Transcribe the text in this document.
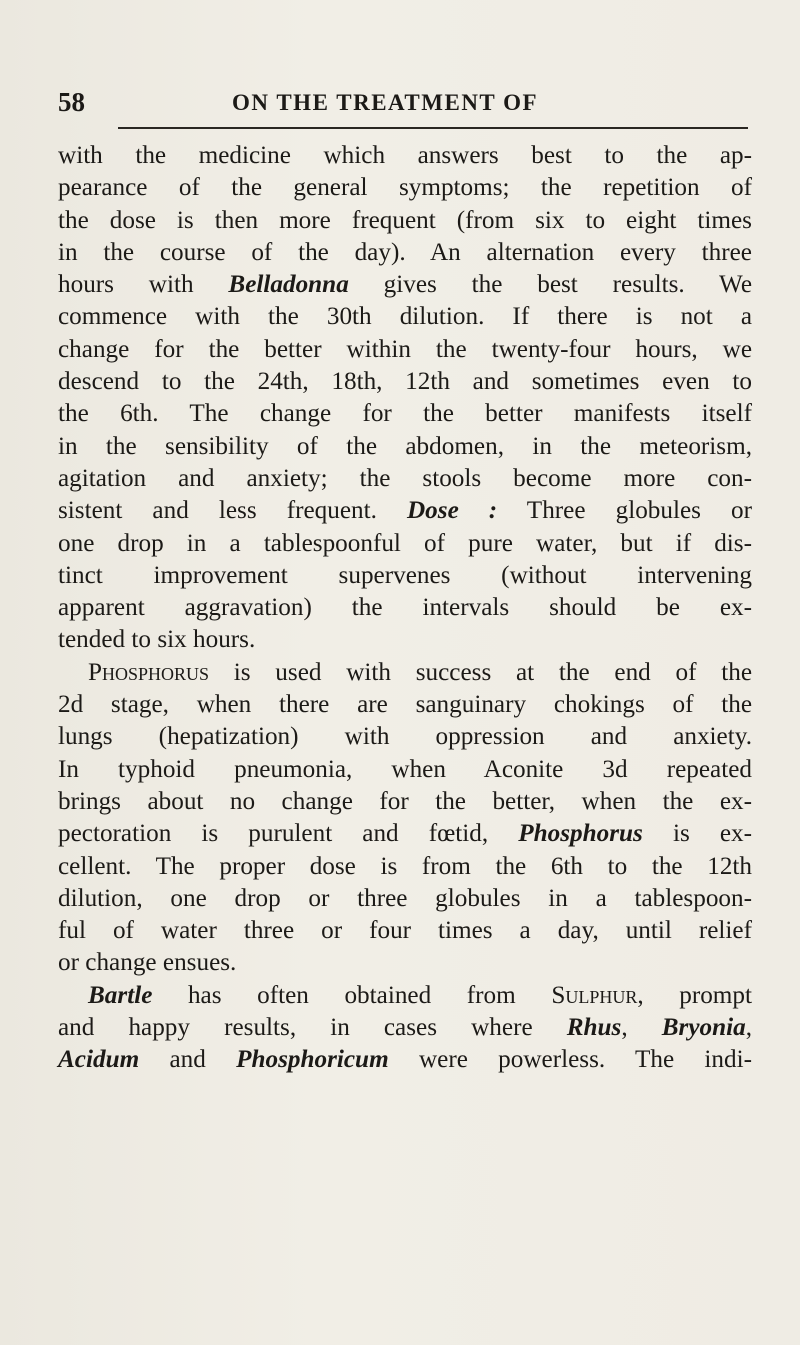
58	ON THE TREATMENT OF
with the medicine which answers best to the ap-
pearance of the general symptoms; the repetition of
the dose is then more frequent (from six to eight times
in the course of the day). An alternation every three
hours with Belladonna gives the best results. We
commence with the 30th dilution. If there is not a
change for the better within the twenty-four hours, we
descend to the 24th, 18th, 12th and sometimes even to
the 6th. The change for the better manifests itself
in the sensibility of the abdomen, in the meteorism,
agitation and anxiety; the stools become more con-
sistent and less frequent. Dose : Three globules or
one drop in a tablespoonful of pure water, but if dis-
tinct improvement supervenes (without intervening
apparent aggravation) the intervals should be ex-
tended to six hours.
Phosphorus is used with success at the end of the
2d stage, when there are sanguinary chokings of the
lungs (hepatization) with oppression and anxiety.
In typhoid pneumonia, when Aconite 3d repeated
brings about no change for the better, when the ex-
pectoration is purulent and fœtid, Phosphorus is ex-
cellent. The proper dose is from the 6th to the 12th
dilution, one drop or three globules in a tablespoon-
ful of water three or four times a day, until relief
or change ensues.
Bartle has often obtained from Sulphur, prompt
and happy results, in cases where Rhus, Bryonia,
Acidum and Phosphoricum were powerless. The indi-
